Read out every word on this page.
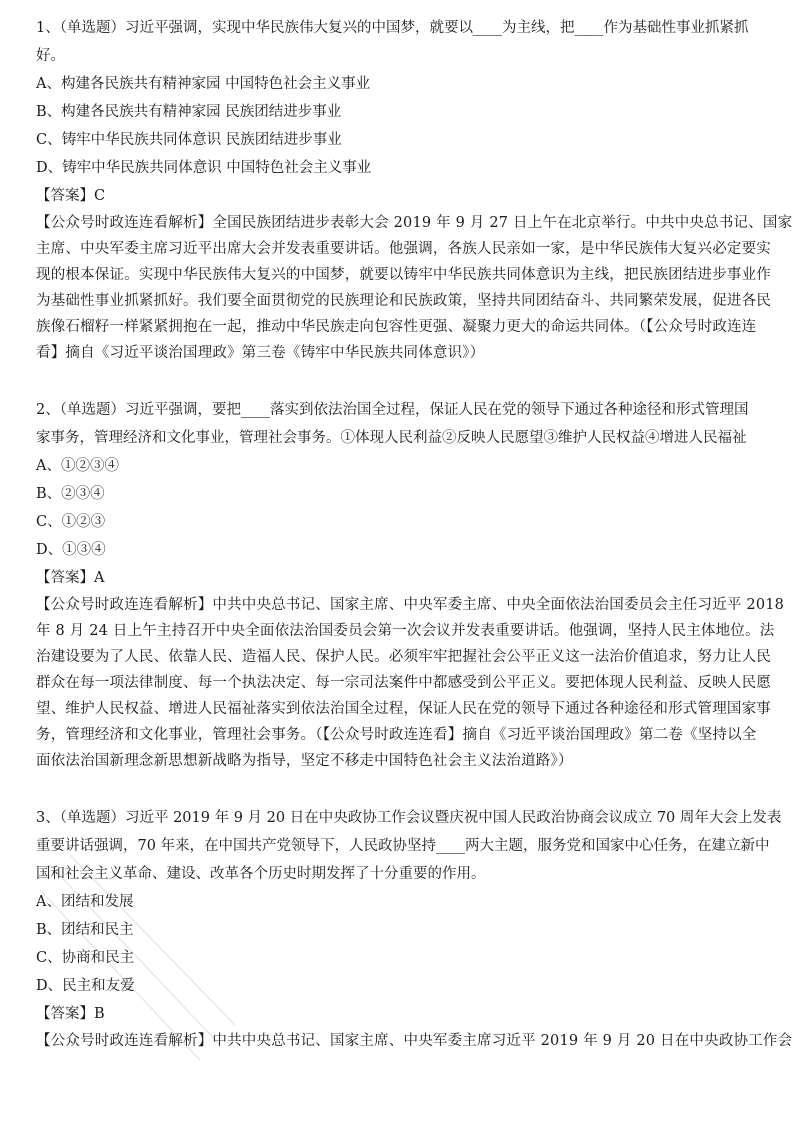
1、（单选题）习近平强调，实现中华民族伟大复兴的中国梦，就要以____为主线，把____作为基础性事业抓紧抓
好。
A、构建各民族共有精神家园 中国特色社会主义事业
B、构建各民族共有精神家园 民族团结进步事业
C、铸牢中华民族共同体意识 民族团结进步事业
D、铸牢中华民族共同体意识 中国特色社会主义事业
【答案】C
【公众号时政连连看解析】全国民族团结进步表彰大会 2019 年 9 月 27 日上午在北京举行。中共中央总书记、国家
主席、中央军委主席习近平出席大会并发表重要讲话。他强调，各族人民亲如一家，是中华民族伟大复兴必定要实
现的根本保证。实现中华民族伟大复兴的中国梦，就要以铸牢中华民族共同体意识为主线，把民族团结进步事业作
为基础性事业抓紧抓好。我们要全面贯彻党的民族理论和民族政策，坚持共同团结奋斗、共同繁荣发展，促进各民
族像石榴籽一样紧紧拥抱在一起，推动中华民族走向包容性更强、凝聚力更大的命运共同体。（【公众号时政连连
看】摘自《习近平谈治国理政》第三卷《铸牢中华民族共同体意识》）
2、（单选题）习近平强调，要把____落实到依法治国全过程，保证人民在党的领导下通过各种途径和形式管理国
家事务，管理经济和文化事业，管理社会事务。①体现人民利益②反映人民愿望③维护人民权益④增进人民福祉
A、①②③④
B、②③④
C、①②③
D、①③④
【答案】A
【公众号时政连连看解析】中共中央总书记、国家主席、中央军委主席、中央全面依法治国委员会主任习近平 2018
年 8 月 24 日上午主持召开中央全面依法治国委员会第一次会议并发表重要讲话。他强调，坚持人民主体地位。法
治建设要为了人民、依靠人民、造福人民、保护人民。必须牢牢把握社会公平正义这一法治价值追求，努力让人民
群众在每一项法律制度、每一个执法决定、每一宗司法案件中都感受到公平正义。要把体现人民利益、反映人民愿
望、维护人民权益、增进人民福祉落实到依法治国全过程，保证人民在党的领导下通过各种途径和形式管理国家事
务，管理经济和文化事业，管理社会事务。（【公众号时政连连看】摘自《习近平谈治国理政》第二卷《坚持以全
面依法治国新理念新思想新战略为指导，坚定不移走中国特色社会主义法治道路》）
3、（单选题）习近平 2019 年 9 月 20 日在中央政协工作会议暨庆祝中国人民政治协商会议成立 70 周年大会上发表
重要讲话强调，70 年来，在中国共产党领导下，人民政协坚持____两大主题，服务党和国家中心任务，在建立新中
国和社会主义革命、建设、改革各个历史时期发挥了十分重要的作用。
A、团结和发展
B、团结和民主
C、协商和民主
D、民主和友爱
【答案】B
【公众号时政连连看解析】中共中央总书记、国家主席、中央军委主席习近平 2019 年 9 月 20 日在中央政协工作会
